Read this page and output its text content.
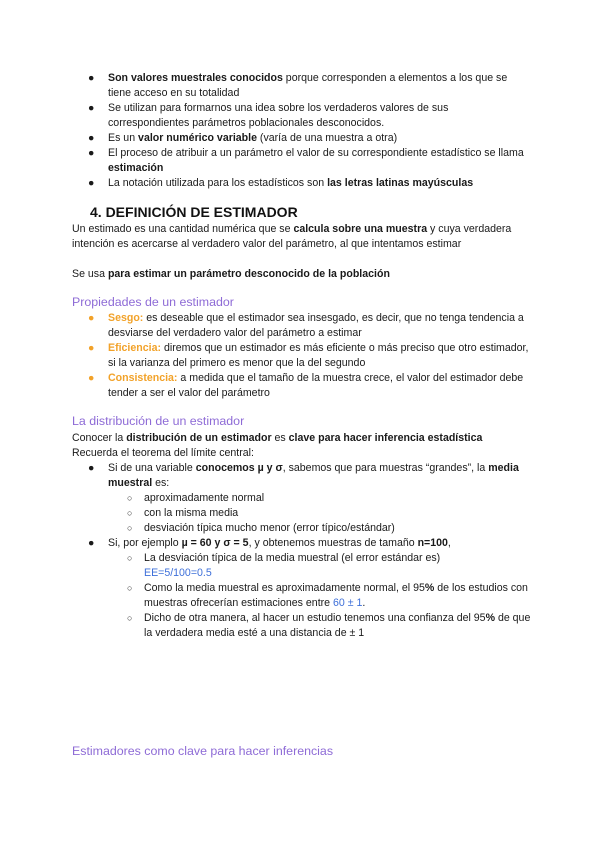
● Son valores muestrales conocidos porque corresponden a elementos a los que se tiene acceso en su totalidad
● Se utilizan para formarnos una idea sobre los verdaderos valores de sus correspondientes parámetros poblacionales desconocidos.
● Es un valor numérico variable (varía de una muestra a otra)
● El proceso de atribuir a un parámetro el valor de su correspondiente estadístico se llama estimación
● La notación utilizada para los estadísticos son las letras latinas mayúsculas
4. DEFINICIÓN DE ESTIMADOR
Un estimado es una cantidad numérica que se calcula sobre una muestra y cuya verdadera intención es acercarse al verdadero valor del parámetro, al que intentamos estimar
Se usa para estimar un parámetro desconocido de la población
Propiedades de un estimador
● Sesgo: es deseable que el estimador sea insesgado, es decir, que no tenga tendencia a desviarse del verdadero valor del parámetro a estimar
● Eficiencia: diremos que un estimador es más eficiente o más preciso que otro estimador, si la varianza del primero es menor que la del segundo
● Consistencia: a medida que el tamaño de la muestra crece, el valor del estimador debe tender a ser el valor del parámetro
La distribución de un estimador
Conocer la distribución de un estimador es clave para hacer inferencia estadística
Recuerda el teorema del límite central:
● Si de una variable conocemos µ y σ, sabemos que para muestras “grandes”, la media muestral es:
○ aproximadamente normal
○ con la misma media
○ desviación típica mucho menor (error típico/estándar)
● Si, por ejemplo µ = 60 y σ = 5, y obtenemos muestras de tamaño n=100,
○ La desviación típica de la media muestral (el error estándar es)
EE=5/100=0.5
○ Como la media muestral es aproximadamente normal, el 95% de los estudios con muestras ofrecerían estimaciones entre 60 ± 1.
○ Dicho de otra manera, al hacer un estudio tenemos una confianza del 95% de que la verdadera media esté a una distancia de ± 1
Estimadores como clave para hacer inferencias
